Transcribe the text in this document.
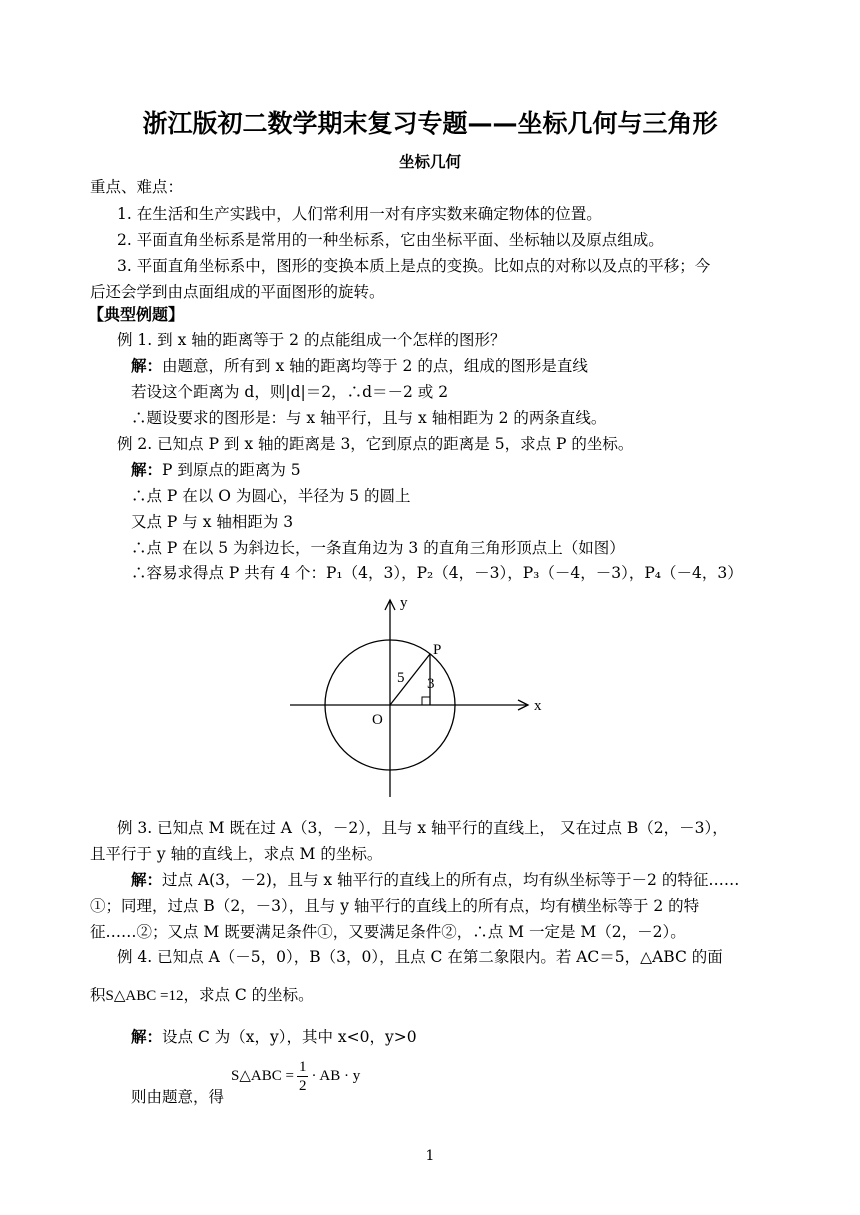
浙江版初二数学期末复习专题——坐标几何与三角形
坐标几何
重点、难点：
1. 在生活和生产实践中，人们常利用一对有序实数来确定物体的位置。
2. 平面直角坐标系是常用的一种坐标系，它由坐标平面、坐标轴以及原点组成。
3. 平面直角坐标系中，图形的变换本质上是点的变换。比如点的对称以及点的平移；今
后还会学到由点面组成的平面图形的旋转。
【典型例题】
例 1. 到 x 轴的距离等于 2 的点能组成一个怎样的图形？
解：由题意，所有到 x 轴的距离均等于 2 的点，组成的图形是直线
若设这个距离为 d，则|d|＝2，∴d＝－2 或 2
∴题设要求的图形是：与 x 轴平行，且与 x 轴相距为 2 的两条直线。
例 2. 已知点 P 到 x 轴的距离是 3，它到原点的距离是 5，求点 P 的坐标。
解：P 到原点的距离为 5
∴点 P 在以 O 为圆心，半径为 5 的圆上
又点 P 与 x 轴相距为 3
∴点 P 在以 5 为斜边长，一条直角边为 3 的直角三角形顶点上（如图）
∴容易求得点 P 共有 4 个：P₁（4，3），P₂（4，－3），P₃（－4，－3），P₄（－4，3）
y
x
O
P
5 3
例 3. 已知点 M 既在过 A（3，－2），且与 x 轴平行的直线上， 又在过点 B（2，－3），
且平行于 y 轴的直线上，求点 M 的坐标。
解：过点 A(3，－2)，且与 x 轴平行的直线上的所有点，均有纵坐标等于－2 的特征……
①；同理，过点 B（2，－3），且与 y 轴平行的直线上的所有点，均有横坐标等于 2 的特
征……②；又点 M 既要满足条件①，又要满足条件②，∴点 M 一定是 M（2，－2）。
例 4. 已知点 A（－5，0），B（3，0），且点 C 在第二象限内。若 AC＝5，△ABC 的面
积S△ABC =12，求点 C 的坐标。
解：设点 C 为（x，y），其中 x<0，y>0
S△ABC = $\frac{1}{2}$ · AB · y
则由题意，得
1
